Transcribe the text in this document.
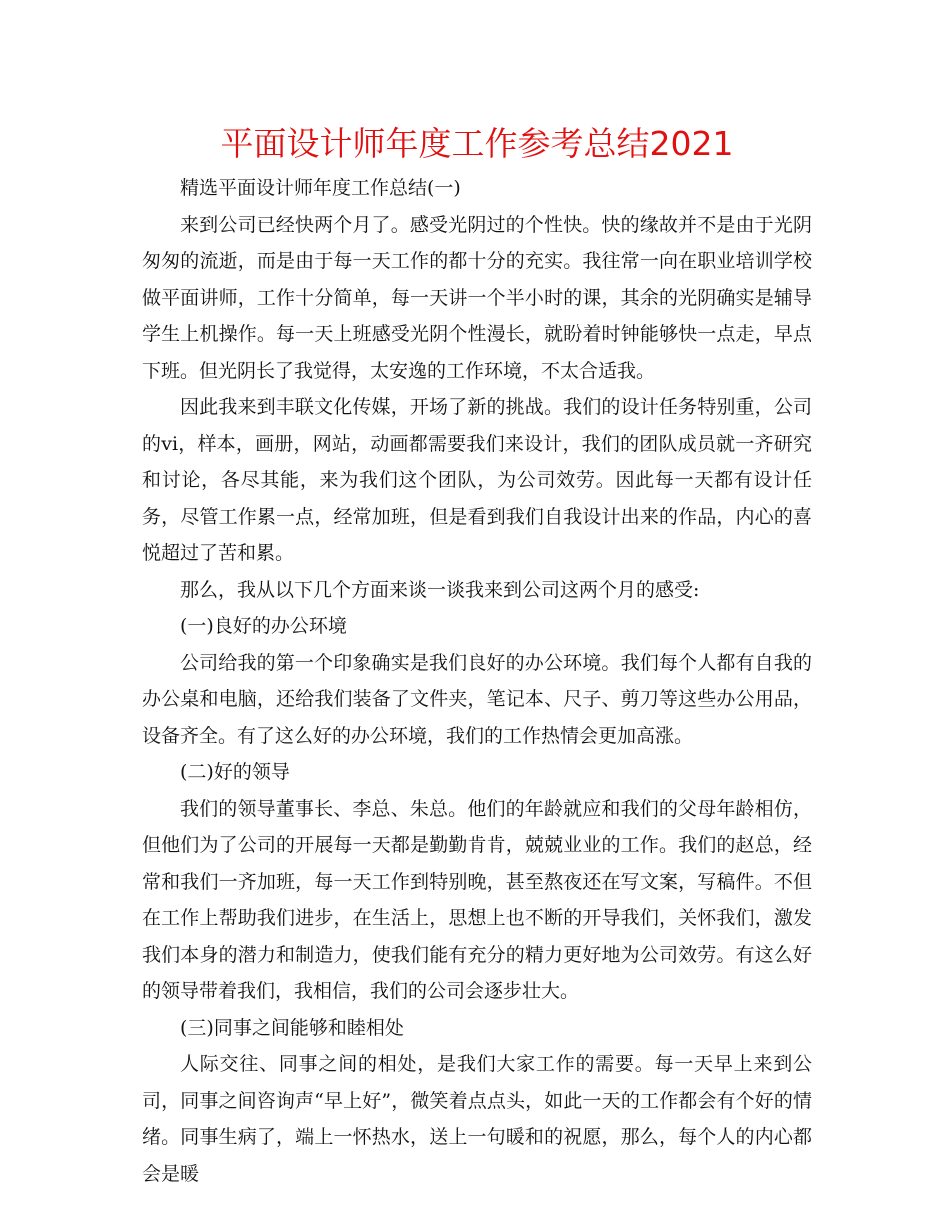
平面设计师年度工作参考总结2021

精选平面设计师年度工作总结(一)

来到公司已经快两个月了。感受光阴过的个性快。快的缘故并不是由于光阴匆匆的流逝，而是由于每一天工作的都十分的充实。我往常一向在职业培训学校做平面讲师，工作十分简单，每一天讲一个半小时的课，其余的光阴确实是辅导学生上机操作。每一天上班感受光阴个性漫长，就盼着时钟能够快一点走，早点下班。但光阴长了我觉得，太安逸的工作环境，不太合适我。

因此我来到丰联文化传媒，开场了新的挑战。我们的设计任务特别重，公司的vi，样本，画册，网站，动画都需要我们来设计，我们的团队成员就一齐研究和讨论，各尽其能，来为我们这个团队，为公司效劳。因此每一天都有设计任务，尽管工作累一点，经常加班，但是看到我们自我设计出来的作品，内心的喜悦超过了苦和累。

那么，我从以下几个方面来谈一谈我来到公司这两个月的感受:

(一)良好的办公环境

公司给我的第一个印象确实是我们良好的办公环境。我们每个人都有自我的办公桌和电脑，还给我们装备了文件夹，笔记本、尺子、剪刀等这些办公用品，设备齐全。有了这么好的办公环境，我们的工作热情会更加高涨。

(二)好的领导

我们的领导董事长、李总、朱总。他们的年龄就应和我们的父母年龄相仿，但他们为了公司的开展每一天都是勤勤肯肯，兢兢业业的工作。我们的赵总，经常和我们一齐加班，每一天工作到特别晚，甚至熬夜还在写文案，写稿件。不但在工作上帮助我们进步，在生活上，思想上也不断的开导我们，关怀我们，激发我们本身的潜力和制造力，使我们能有充分的精力更好地为公司效劳。有这么好的领导带着我们，我相信，我们的公司会逐步壮大。

(三)同事之间能够和睦相处

人际交往、同事之间的相处，是我们大家工作的需要。每一天早上来到公司，同事之间咨询声“早上好”，微笑着点点头，如此一天的工作都会有个好的情绪。同事生病了，端上一怀热水，送上一句暖和的祝愿，那么，每个人的内心都会是暖
